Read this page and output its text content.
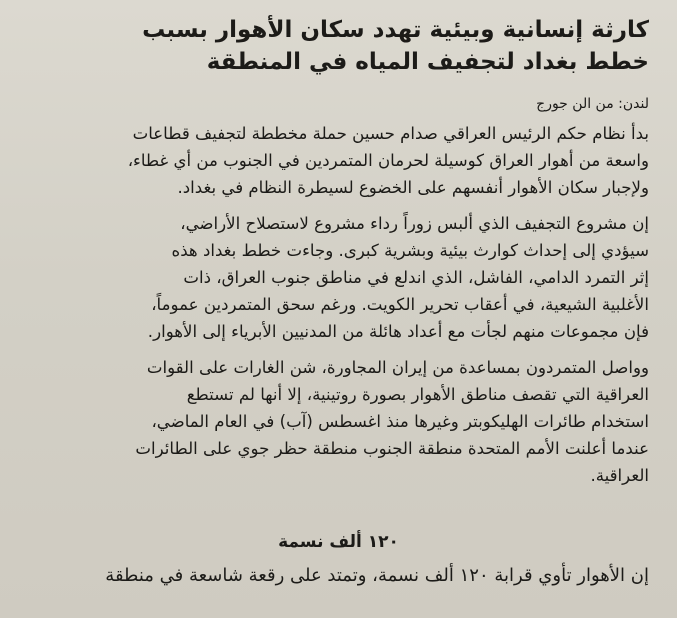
كارثة إنسانية وبيئية تهدد سكان الأهوار بسبب
خطط بغداد لتجفيف المياه في المنطقة
لندن: من الن جورج
بدأ نظام حكم الرئيس العراقي صدام حسين حملة مخططة لتجفيف قطاعات
واسعة من أهوار العراق كوسيلة لحرمان المتمردين في الجنوب من أي غطاء،
ولإجبار سكان الأهوار أنفسهم على الخضوع لسيطرة النظام في بغداد.
إن مشروع التجفيف الذي ألبس زوراً رداء مشروع لاستصلاح الأراضي،
سيؤدي إلى إحداث كوارث بيئية وبشرية كبرى. وجاءت خطط بغداد هذه
إثر التمرد الدامي، الفاشل، الذي اندلع في مناطق جنوب العراق، ذات
الأغلبية الشيعية، في أعقاب تحرير الكويت. ورغم سحق المتمردين عموماً،
فإن مجموعات منهم لجأت مع أعداد هائلة من المدنيين الأبرياء إلى الأهوار.
وواصل المتمردون بمساعدة من إيران المجاورة، شن الغارات على القوات
العراقية التي تقصف مناطق الأهوار بصورة روتينية، إلا أنها لم تستطع
استخدام طائرات الهليكوبتر وغيرها منذ اغسطس (آب) في العام الماضي،
عندما أعلنت الأمم المتحدة منطقة الجنوب منطقة حظر جوي على الطائرات
العراقية.
١٢٠ ألف نسمة
إن الأهوار تأوي قرابة ١٢٠ ألف نسمة، وتمتد على رقعة شاسعة في منطقة
